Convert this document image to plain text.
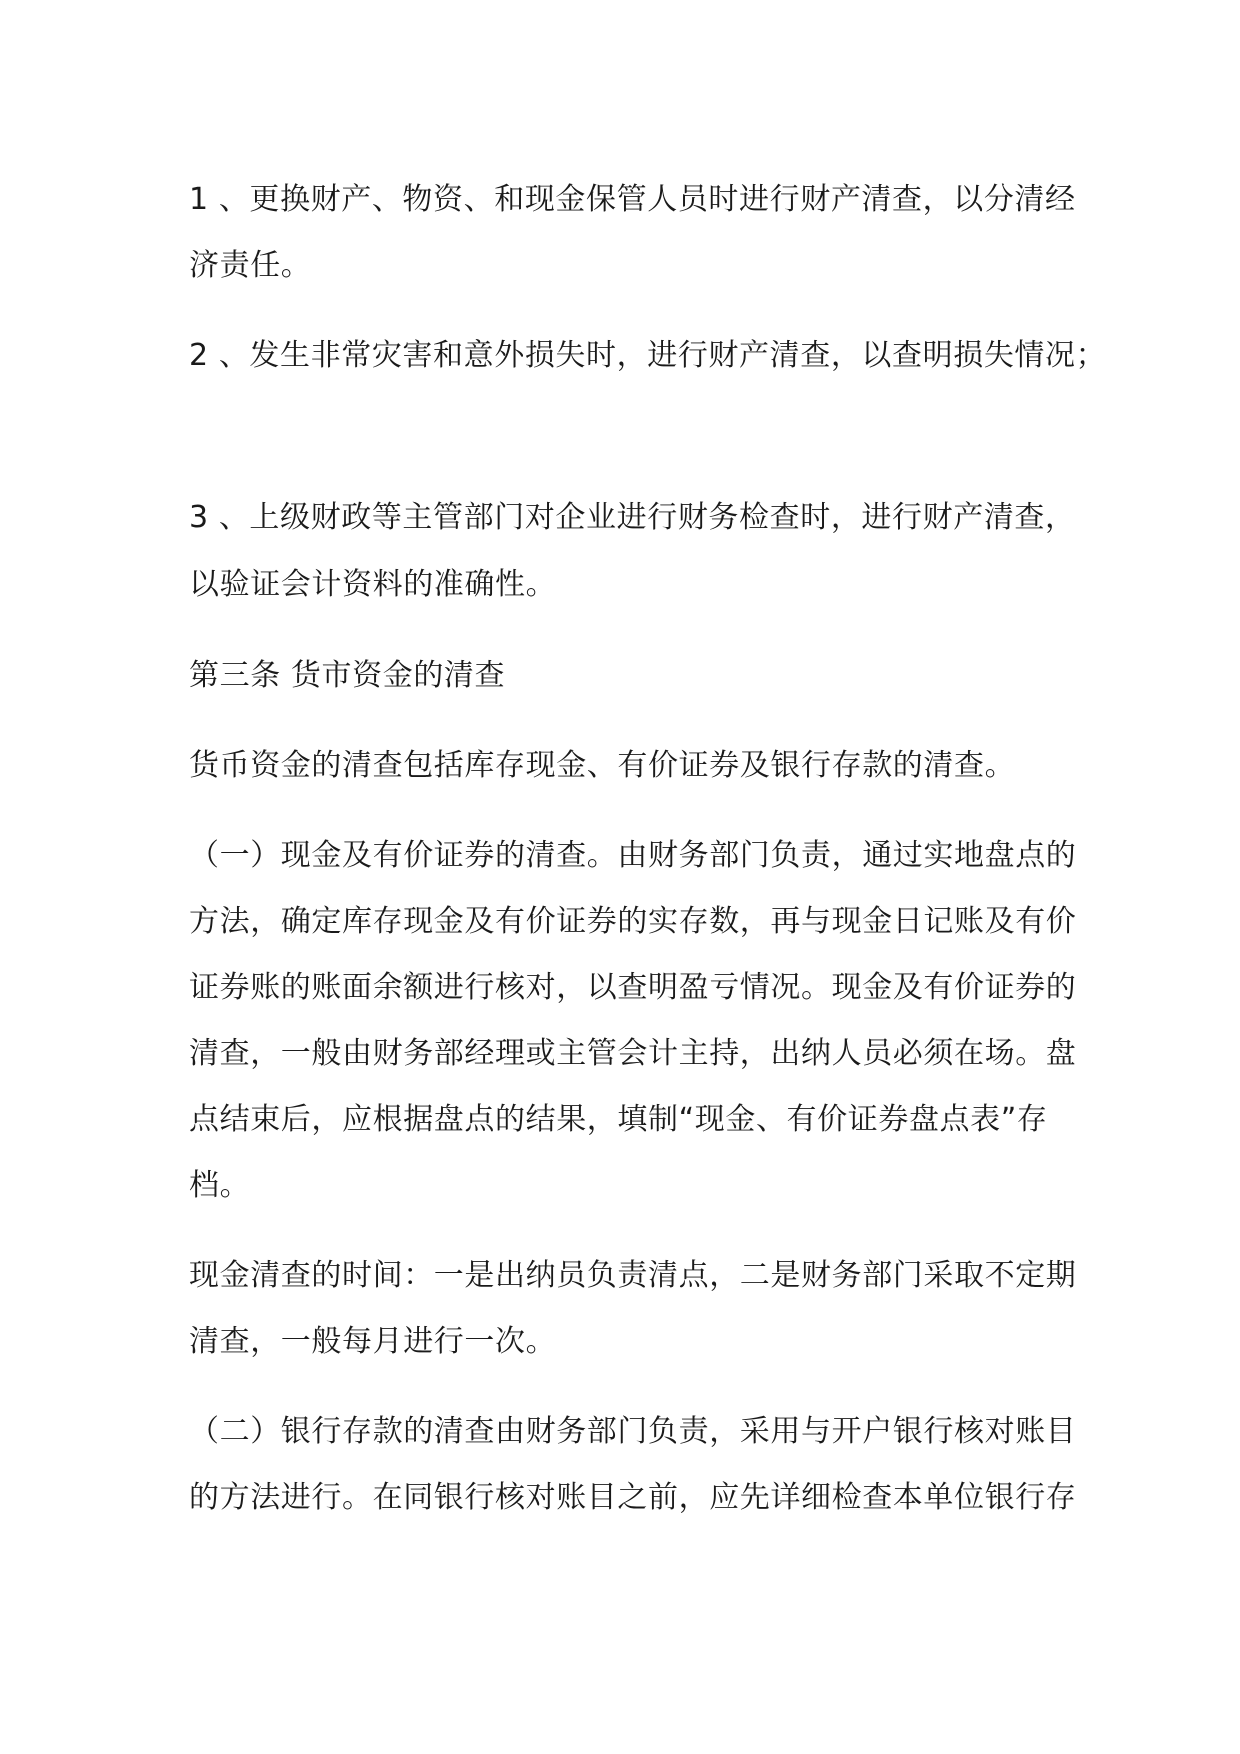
1 、更换财产、物资、和现金保管人员时进行财产清查，以分清经

济责任。

2 、发生非常灾害和意外损失时，进行财产清查，以查明损失情况；

3 、上级财政等主管部门对企业进行财务检查时，进行财产清查，

以验证会计资料的准确性。

第三条 货市资金的清查

货币资金的清查包括库存现金、有价证券及银行存款的清查。

（一）现金及有价证券的清查。由财务部门负责，通过实地盘点的

方法，确定库存现金及有价证券的实存数，再与现金日记账及有价

证券账的账面余额进行核对，以查明盈亏情况。现金及有价证券的

清查，一般由财务部经理或主管会计主持，出纳人员必须在场。盘

点结束后，应根据盘点的结果，填制“现金、有价证券盘点表”存

档。

现金清查的时间：一是出纳员负责清点，二是财务部门采取不定期

清查，一般每月进行一次。

（二）银行存款的清查由财务部门负责，采用与开户银行核对账目

的方法进行。在同银行核对账目之前，应先详细检查本单位银行存
